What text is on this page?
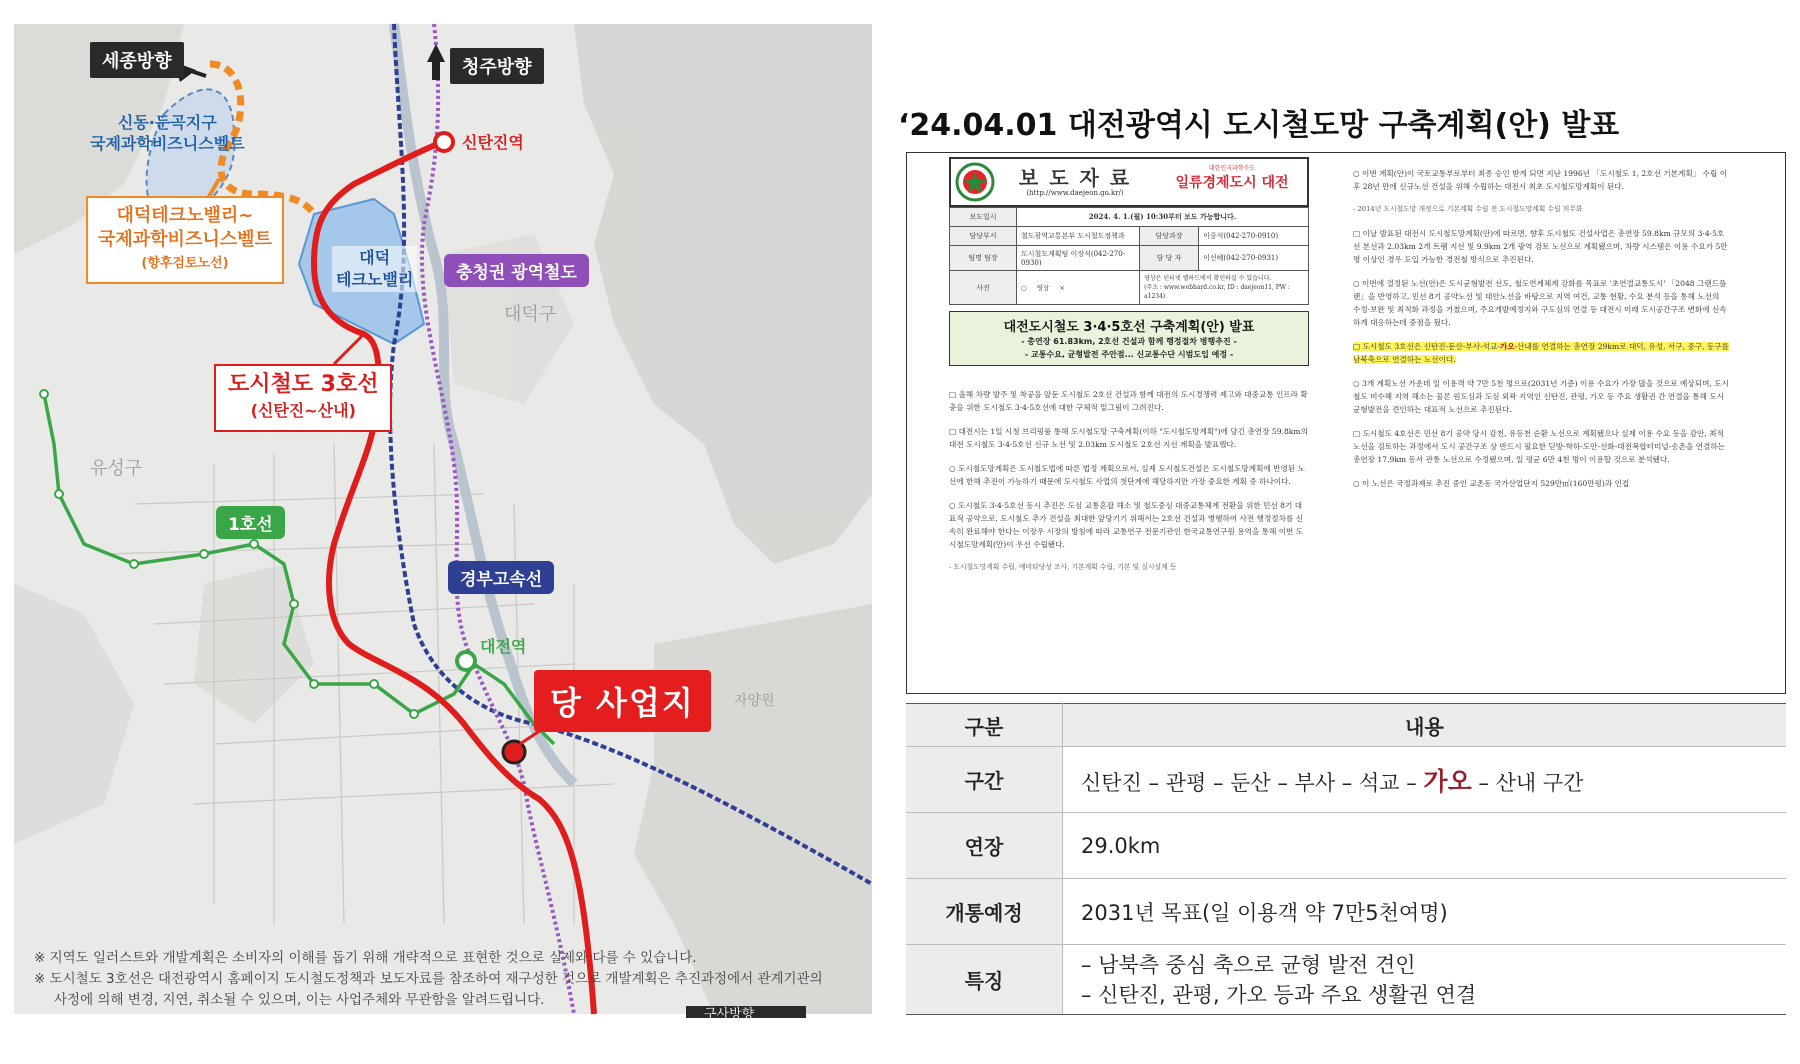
세종방향	청주방향
신동·둔곡지구
국제과학비즈니스벨트
대덕테크노밸리~
국제과학비즈니스벨트
(향후검토노선)
신탄진역
대덕
테크노밸리	충청권 광역철도
대덕구
도시철도 3호선
(신탄진~산내)
유성구
1호선
경부고속선
대전역
당 사업지	자양원
※ 지역도 일러스트와 개발계획은 소비자의 이해를 돕기 위해 개략적으로 표현한 것으로 실제와 다를 수 있습니다.
※ 도시철도 3호선은 대전광역시 홈페이지 도시철도정책과 보도자료를 참조하여 재구성한 것으로 개발계획은 추진과정에서 관계기관의
사정에 의해 변경, 지연, 취소될 수 있으며, 이는 사업주체와 무관함을 알려드립니다.
구사방향
‘24.04.01 대전광역시 도시철도망 구축계획(안) 발표
보 도 자 료
(http://www.daejeon.go.kr/)
대한민국과학수도
일류경제도시 대전
보도일시	2024. 4. 1.(월) 10:30부터 보도 가능합니다.		
담당부서	철도광역교통본부 도시철도정책과	담당과장	이중석(042-270-0910)
팀명 팀장	도시철도계획팀 이장석(042-270-0930)	담 당 자	이선혜(042-270-0931)
사진	○ 영상 ×	영상은 인터넷 웹하드에서 확인하실 수 있습니다.
(주소 : www.webhard.co.kr, ID : daejeon11, PW : a1234)	
대전도시철도 3·4·5호선 구축계획(안) 발표
- 총연장 61.83km, 2호선 건설과 함께 행정절차 병행추진 -
- 교통수요, 균형발전 주안점... 신교통수단 시범도입 예정 -

□ 올해 차량 발주 및 착공을 앞둔 도시철도 2호선 건설과 함께 대전의 도시경쟁력 제고와 대중교통 인프라 확충을 위한 도시철도 3·4·5호선에 대한 구체적 밑그림이 그려진다.

□ 대전시는 1일 시청 브리핑룸 통해 도시철도망 구축계획(이하 "도시철도망계획")에 담긴 총연장 59.8km의 대전 도시철도 3·4·5호선 신규 노선 및 2.03km 도시철도 2호선 지선 계획을 발표했다.

○ 도시철도망계획은 도시철도법에 따른 법정 계획으로서, 실제 도시철도건설은 도시철도망계획에 반영된 노선에 한해 추진이 가능하기 때문에 도시철도 사업의 첫단계에 해당하지만 가장 중요한 계획 중 하나이다.

○ 도시철도 3·4·5호선 동시 추진은 도심 교통혼잡 해소 및 철도중심 대중교통체계 전환을 위한 민선 8기 대표적 공약으로, 도시철도 추가 건설을 최대한 앞당기기 위해서는 2호선 건설과 병행하여 사전 행정절차를 신속히 완료해야 한다는 이장우 시장의 방침에 따라 교통연구 전문기관인 한국교통연구원 용역을 통해 이번 도시철도망계획(안)이 우선 수립됐다.

- 도시철도망계획 수립, 예비타당성 조사, 기본계획 수립, 기본 및 실시설계 등

○ 이번 계획(안)이 국토교통부로부터 최종 승인 받게 되면 지난 1996년 「도시철도 1, 2호선 기본계획」 수립 이후 28년 만에 신규노선 건설을 위해 수립하는 대전시 최초 도시철도망계획이 된다.

- 2014년 도시철도망 개정으로 기본계획 수립 전 도시철도망계획 수립 의무화

□ 이날 발표된 대전시 도시철도망계획(안)에 따르면, 향후 도시철도 건설사업은 총연장 59.8km 규모의 3·4·5호선 본선과 2.03km 2개 트램 지선 및 9.9km 2개 광역 검토 노선으로 계획됐으며, 차량 시스템은 이용 수요가 5만 명 이상인 경우 도입 가능한 경전철 방식으로 추진된다.

○ 이번에 결정된 노선(안)은 도시균형발전 선도, 철도연계체계 강화를 목표로 '초연결교통도시' 「2048 그랜드플랜」을 반영하고, 민선 8기 공약노선 및 대안노선을 바탕으로 지역 여건, 교통 현황, 수요 분석 등을 통해 노선의 수정·보완 및 최적화 과정을 거쳤으며, 주요개발예정지와 구도심의 연결 등 대전시 미래 도시공간구조 변화에 신속하게 대응하는데 중점을 뒀다.

□ 도시철도 3호선은 신탄진-둔산-부사-석교-가오-산내를 연결하는 총연장 29km로 대덕, 유성, 서구, 중구, 동구를 남북축으로 연결하는 노선이다.

○ 3개 계획노선 가운데 일 이용객 약 7만 5천 명으로(2031년 기준) 이용 수요가 가장 많을 것으로 예상되며, 도시철도 비수혜 지역 해소는 물론 원도심과 도심 외곽 지역인 신탄진, 관평, 가오 등 주요 생활권 간 연결을 통해 도시균형발전을 견인하는 대표적 노선으로 추진된다.

□ 도시철도 4호선은 민선 8기 공약 당시 감천, 유등천 순환 노선으로 계획됐으나 실제 이용 수요 등을 감안, 최적 노선을 검토하는 과정에서 도시 공간구조 상 반드시 필요한 딛방-학하-도안-선화-대전복합터미널-송촌을 연결하는 총연장 17.9km 동서 관통 노선으로 수정됐으며, 일 평균 6만 4천 명이 이용할 것으로 분석됐다.

○ 이 노선은 국정과제로 추진 중인 교촌동 국가산업단지 529만㎡(160만평)과 인접

구분	내용
구간	신탄진 – 관평 – 둔산 – 부사 – 석교 – 가오 – 산내 구간
연장	29.0km
개통예정	2031년 목표(일 이용객 약 7만5천여명)
특징	– 남북측 중심 축으로 균형 발전 견인
– 신탄진, 관평, 가오 등과 주요 생활권 연결
